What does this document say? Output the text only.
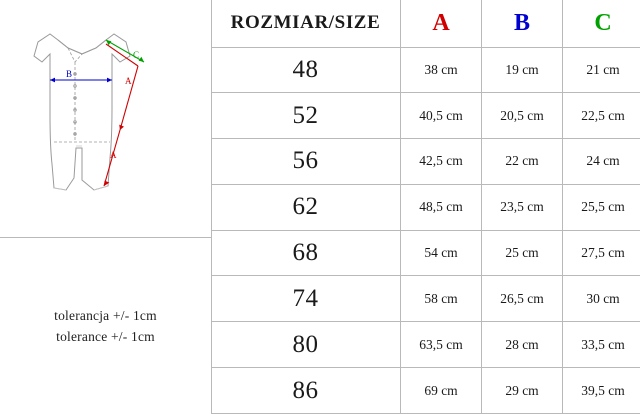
B
C
A
A
tolerancja +/- 1cm
tolerance +/- 1cm
ROZMIAR/SIZE	A	B	C
48	38 cm	19 cm	21 cm
52	40,5 cm	20,5 cm	22,5 cm
56	42,5 cm	22 cm	24 cm
62	48,5 cm	23,5 cm	25,5 cm
68	54 cm	25 cm	27,5 cm
74	58 cm	26,5 cm	30 cm
80	63,5 cm	28 cm	33,5 cm
86	69 cm	29 cm	39,5 cm
